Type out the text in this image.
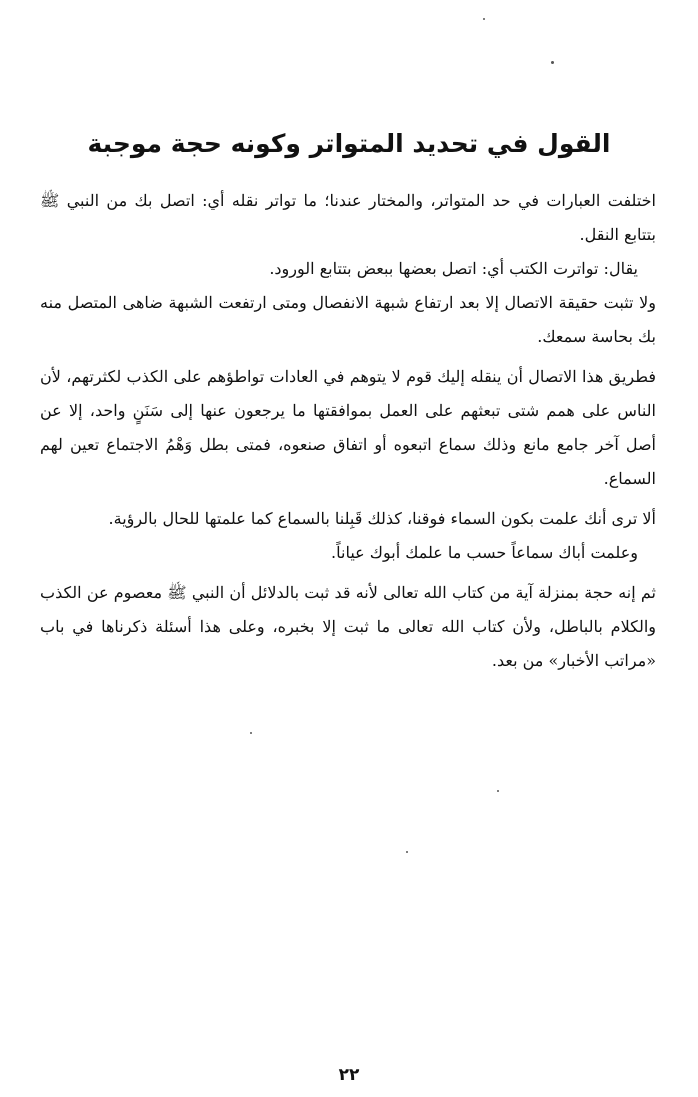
القول في تحديد المتواتر وكونه حجة موجبة

اختلفت العبارات في حد المتواتر، والمختار عندنا؛ ما تواتر نقله أي: اتصل بك من النبي ﷺ بتتابع النقل.

يقال: تواترت الكتب أي: اتصل بعضها ببعض بتتابع الورود.

ولا تثبت حقيقة الاتصال إلا بعد ارتفاع شبهة الانفصال ومتى ارتفعت الشبهة ضاهى المتصل منه بك بحاسة سمعك.

فطريق هذا الاتصال أن ينقله إليك قوم لا يتوهم في العادات تواطؤهم على الكذب لكثرتهم، لأن الناس على همم شتى تبعثهم على العمل بموافقتها ما يرجعون عنها إلى سَنَنٍ واحد، إلا عن أصل آخر جامع مانع وذلك سماع اتبعوه أو اتفاق صنعوه، فمتى بطل وَهْمُ الاجتماع تعين لهم السماع.

ألا ترى أنك علمت بكون السماء فوقنا، كذلك قَبِلنا بالسماع كما علمتها للحال بالرؤية.

وعلمت أباك سماعاً حسب ما علمك أبوك عياناً.

ثم إنه حجة بمنزلة آية من كتاب الله تعالى لأنه قد ثبت بالدلائل أن النبي ﷺ معصوم عن الكذب والكلام بالباطل، ولأن كتاب الله تعالى ما ثبت إلا بخبره، وعلى هذا أسئلة ذكرناها في باب «مراتب الأخبار» من بعد.

٢٢
